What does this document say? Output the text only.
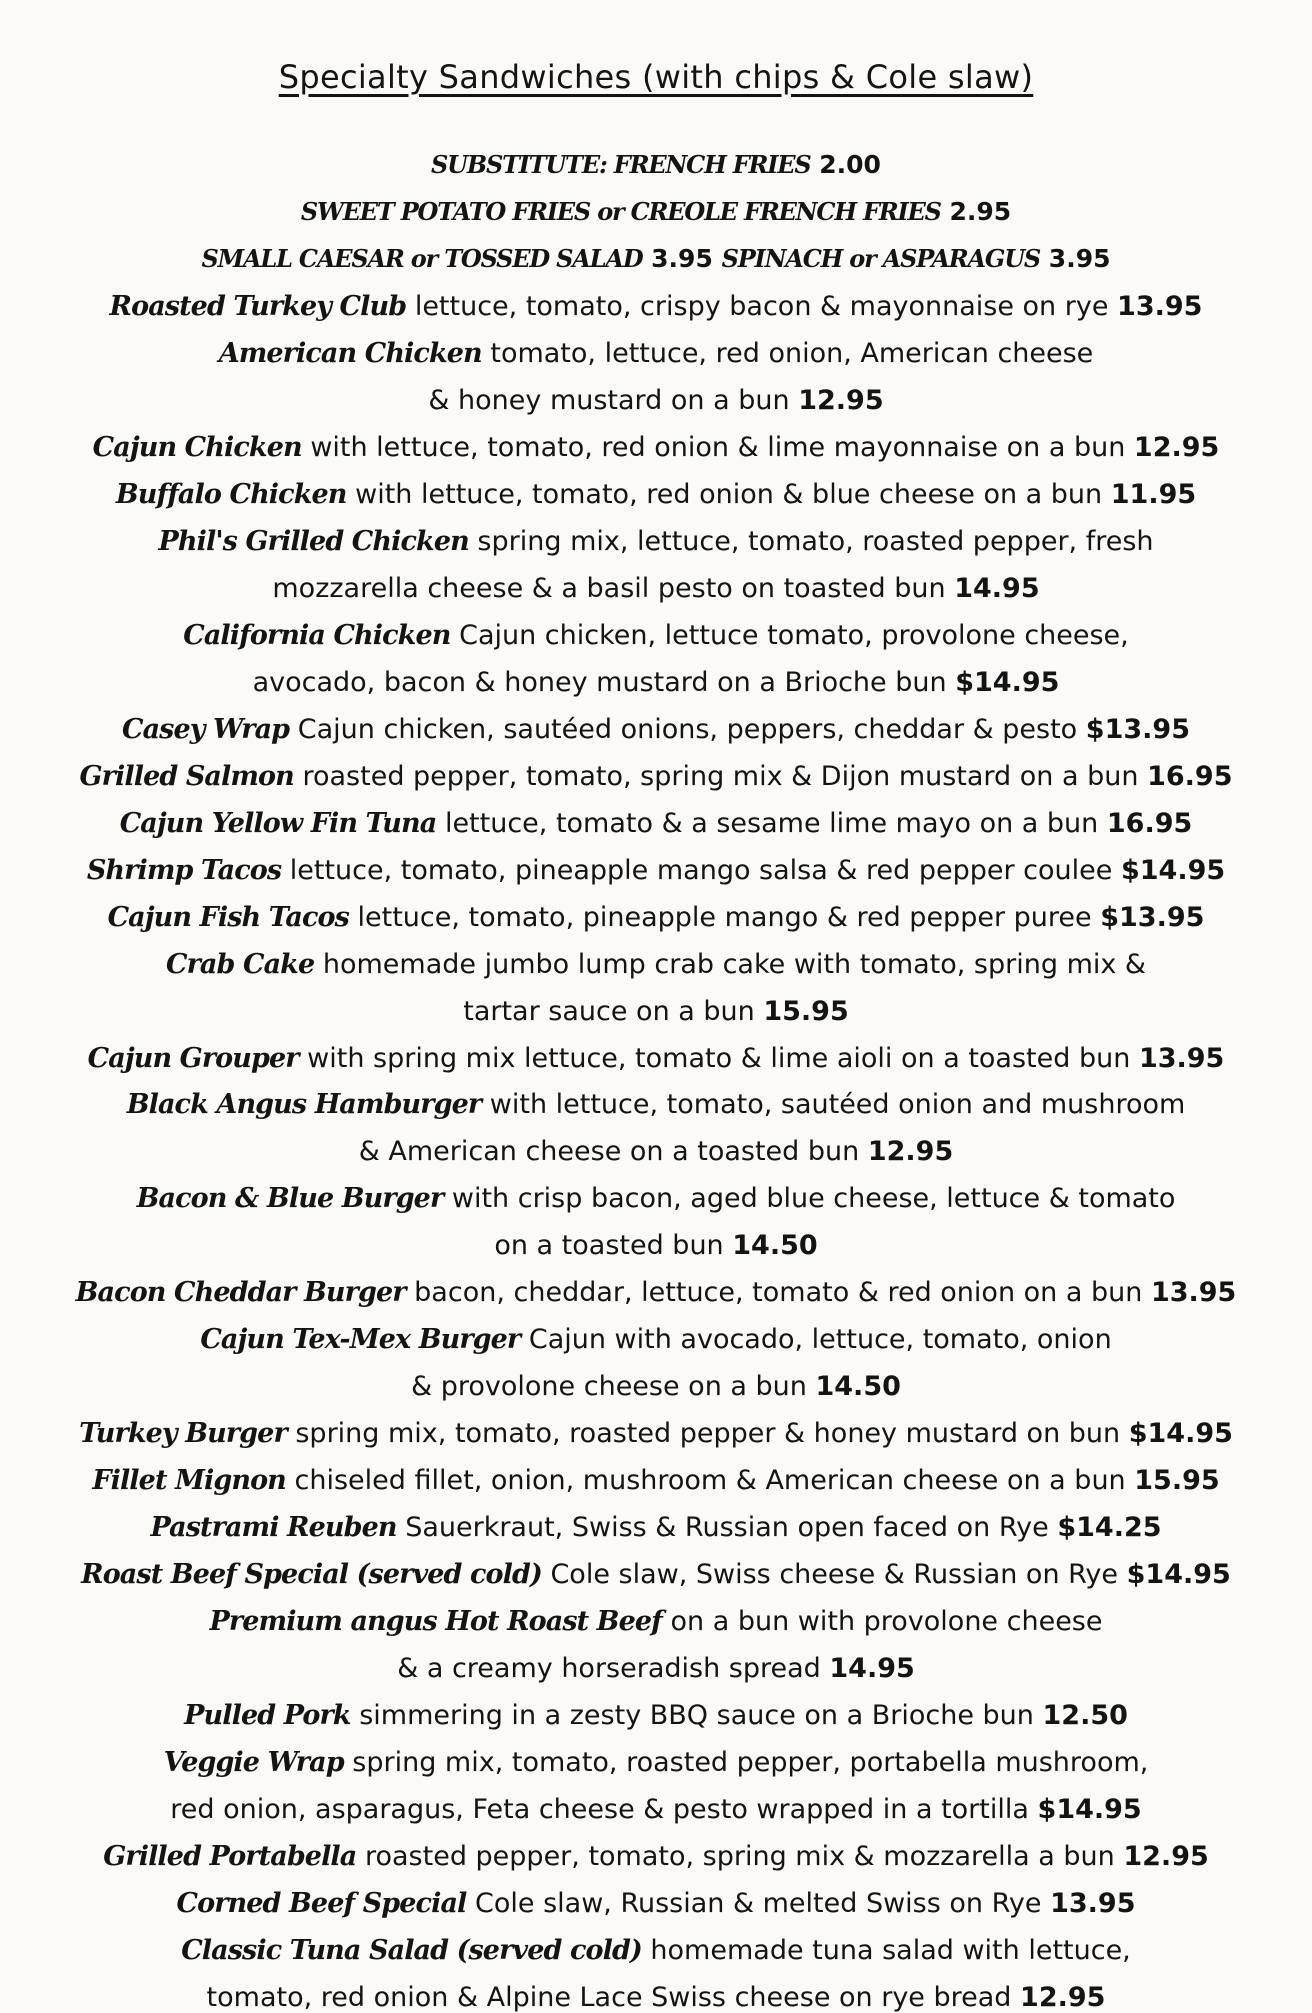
Specialty Sandwiches (with chips & Cole slaw)
SUBSTITUTE: FRENCH FRIES 2.00
SWEET POTATO FRIES or CREOLE FRENCH FRIES 2.95
SMALL CAESAR or TOSSED SALAD 3.95 SPINACH or ASPARAGUS 3.95
Roasted Turkey Club lettuce, tomato, crispy bacon & mayonnaise on rye 13.95
American Chicken tomato, lettuce, red onion, American cheese
& honey mustard on a bun 12.95
Cajun Chicken with lettuce, tomato, red onion & lime mayonnaise on a bun 12.95
Buffalo Chicken with lettuce, tomato, red onion & blue cheese on a bun 11.95
Phil's Grilled Chicken spring mix, lettuce, tomato, roasted pepper, fresh
mozzarella cheese & a basil pesto on toasted bun 14.95
California Chicken Cajun chicken, lettuce tomato, provolone cheese,
avocado, bacon & honey mustard on a Brioche bun $14.95
Casey Wrap Cajun chicken, sautéed onions, peppers, cheddar & pesto $13.95
Grilled Salmon roasted pepper, tomato, spring mix & Dijon mustard on a bun 16.95
Cajun Yellow Fin Tuna lettuce, tomato & a sesame lime mayo on a bun 16.95
Shrimp Tacos lettuce, tomato, pineapple mango salsa & red pepper coulee $14.95
Cajun Fish Tacos lettuce, tomato, pineapple mango & red pepper puree $13.95
Crab Cake homemade jumbo lump crab cake with tomato, spring mix &
tartar sauce on a bun 15.95
Cajun Grouper with spring mix lettuce, tomato & lime aioli on a toasted bun 13.95
Black Angus Hamburger with lettuce, tomato, sautéed onion and mushroom
& American cheese on a toasted bun 12.95
Bacon & Blue Burger with crisp bacon, aged blue cheese, lettuce & tomato
on a toasted bun 14.50
Bacon Cheddar Burger bacon, cheddar, lettuce, tomato & red onion on a bun 13.95
Cajun Tex-Mex Burger Cajun with avocado, lettuce, tomato, onion
& provolone cheese on a bun 14.50
Turkey Burger spring mix, tomato, roasted pepper & honey mustard on bun $14.95
Fillet Mignon chiseled fillet, onion, mushroom & American cheese on a bun 15.95
Pastrami Reuben Sauerkraut, Swiss & Russian open faced on Rye $14.25
Roast Beef Special (served cold) Cole slaw, Swiss cheese & Russian on Rye $14.95
Premium angus Hot Roast Beef on a bun with provolone cheese
& a creamy horseradish spread 14.95
Pulled Pork simmering in a zesty BBQ sauce on a Brioche bun 12.50
Veggie Wrap spring mix, tomato, roasted pepper, portabella mushroom,
red onion, asparagus, Feta cheese & pesto wrapped in a tortilla $14.95
Grilled Portabella roasted pepper, tomato, spring mix & mozzarella a bun 12.95
Corned Beef Special Cole slaw, Russian & melted Swiss on Rye 13.95
Classic Tuna Salad (served cold) homemade tuna salad with lettuce,
tomato, red onion & Alpine Lace Swiss cheese on rye bread 12.95
